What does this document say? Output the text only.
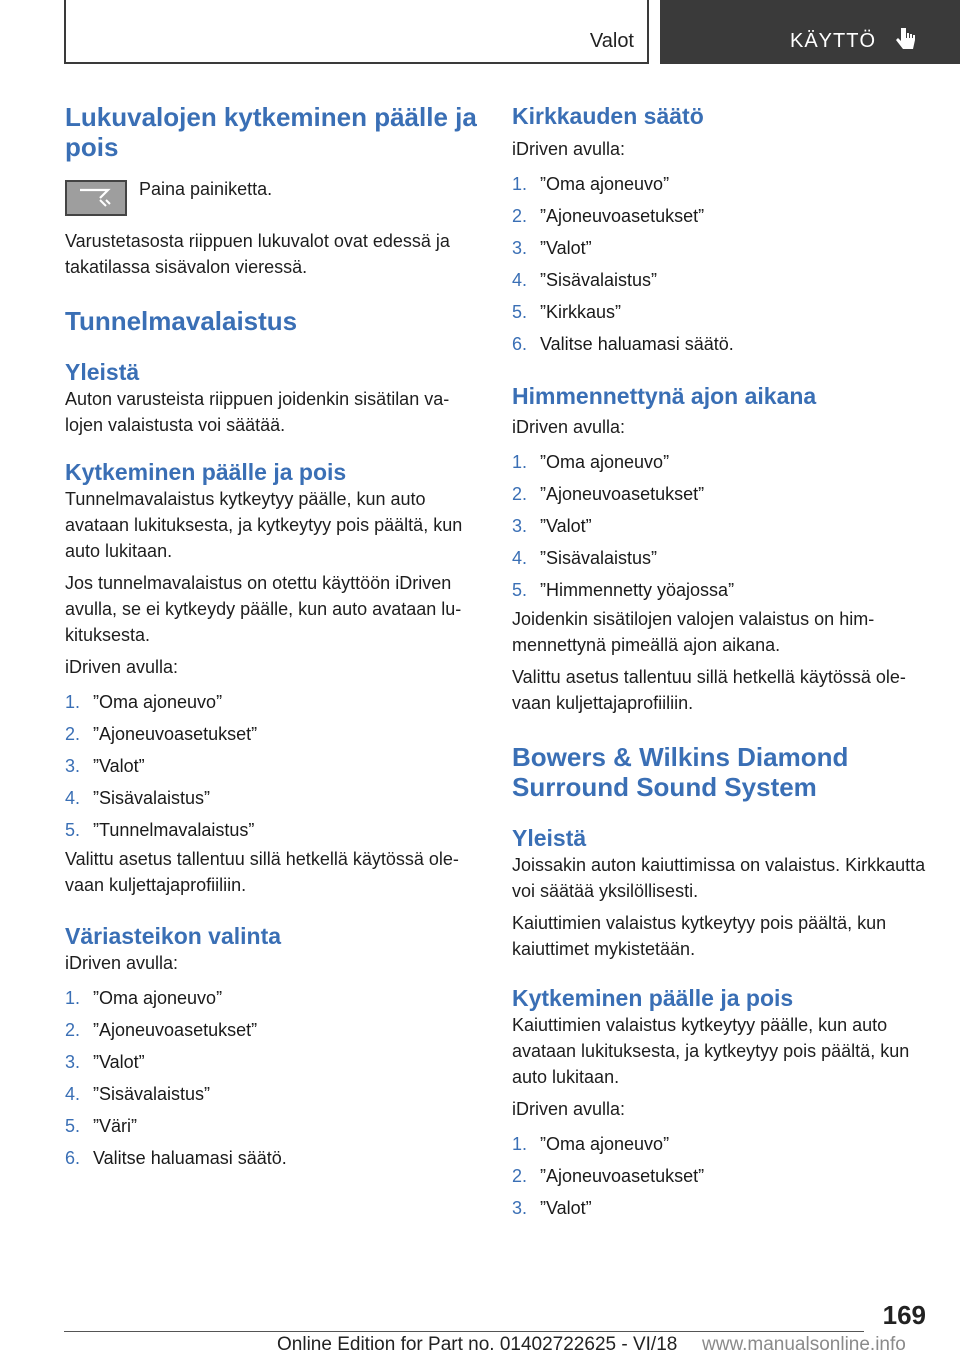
Valot	KÄYTTÖ
Lukuvalojen kytkeminen päälle ja pois

Paina painiketta.

Varustetasosta riippuen lukuvalot ovat edessä ja takatilassa sisävalon vieressä.

Tunnelmavalaistus
Yleistä

Auton varusteista riippuen joidenkin sisätilan valojen valaistusta voi säätää.

Kytkeminen päälle ja pois

Tunnelmavalaistus kytkeytyy päälle, kun auto avataan lukituksesta, ja kytkeytyy pois päältä, kun auto lukitaan.

Jos tunnelmavalaistus on otettu käyttöön iDriven avulla, se ei kytkeydy päälle, kun auto avataan lukituksesta.

iDriven avulla:

1. ”Oma ajoneuvo”
2. ”Ajoneuvoasetukset”
3. ”Valot”
4. ”Sisävalaistus”
5. ”Tunnelmavalaistus”

Valittu asetus tallentuu sillä hetkellä käytössä olevaan kuljettajaprofiiliin.

Väriasteikon valinta

iDriven avulla:

1. ”Oma ajoneuvo”
2. ”Ajoneuvoasetukset”
3. ”Valot”
4. ”Sisävalaistus”
5. ”Väri”
6. Valitse haluamasi säätö.
Kirkkauden säätö

iDriven avulla:

1. ”Oma ajoneuvo”
2. ”Ajoneuvoasetukset”
3. ”Valot”
4. ”Sisävalaistus”
5. ”Kirkkaus”
6. Valitse haluamasi säätö.
Himmennettynä ajon aikana

iDriven avulla:

1. ”Oma ajoneuvo”
2. ”Ajoneuvoasetukset”
3. ”Valot”
4. ”Sisävalaistus”
5. ”Himmennetty yöajossa”

Joidenkin sisätilojen valojen valaistus on himmennettynä pimeällä ajon aikana.

Valittu asetus tallentuu sillä hetkellä käytössä olevaan kuljettajaprofiiliin.

Bowers & Wilkins Diamond Surround Sound System
Yleistä

Joissakin auton kaiuttimissa on valaistus. Kirkkautta voi säätää yksilöllisesti.

Kaiuttimien valaistus kytkeytyy pois päältä, kun kaiuttimet mykistetään.

Kytkeminen päälle ja pois

Kaiuttimien valaistus kytkeytyy päälle, kun auto avataan lukituksesta, ja kytkeytyy pois päältä, kun auto lukitaan.

iDriven avulla:

1. ”Oma ajoneuvo”
2. ”Ajoneuvoasetukset”
3. ”Valot”
169
Online Edition for Part no. 01402722625 - VI/18 www.manualsonline.info
